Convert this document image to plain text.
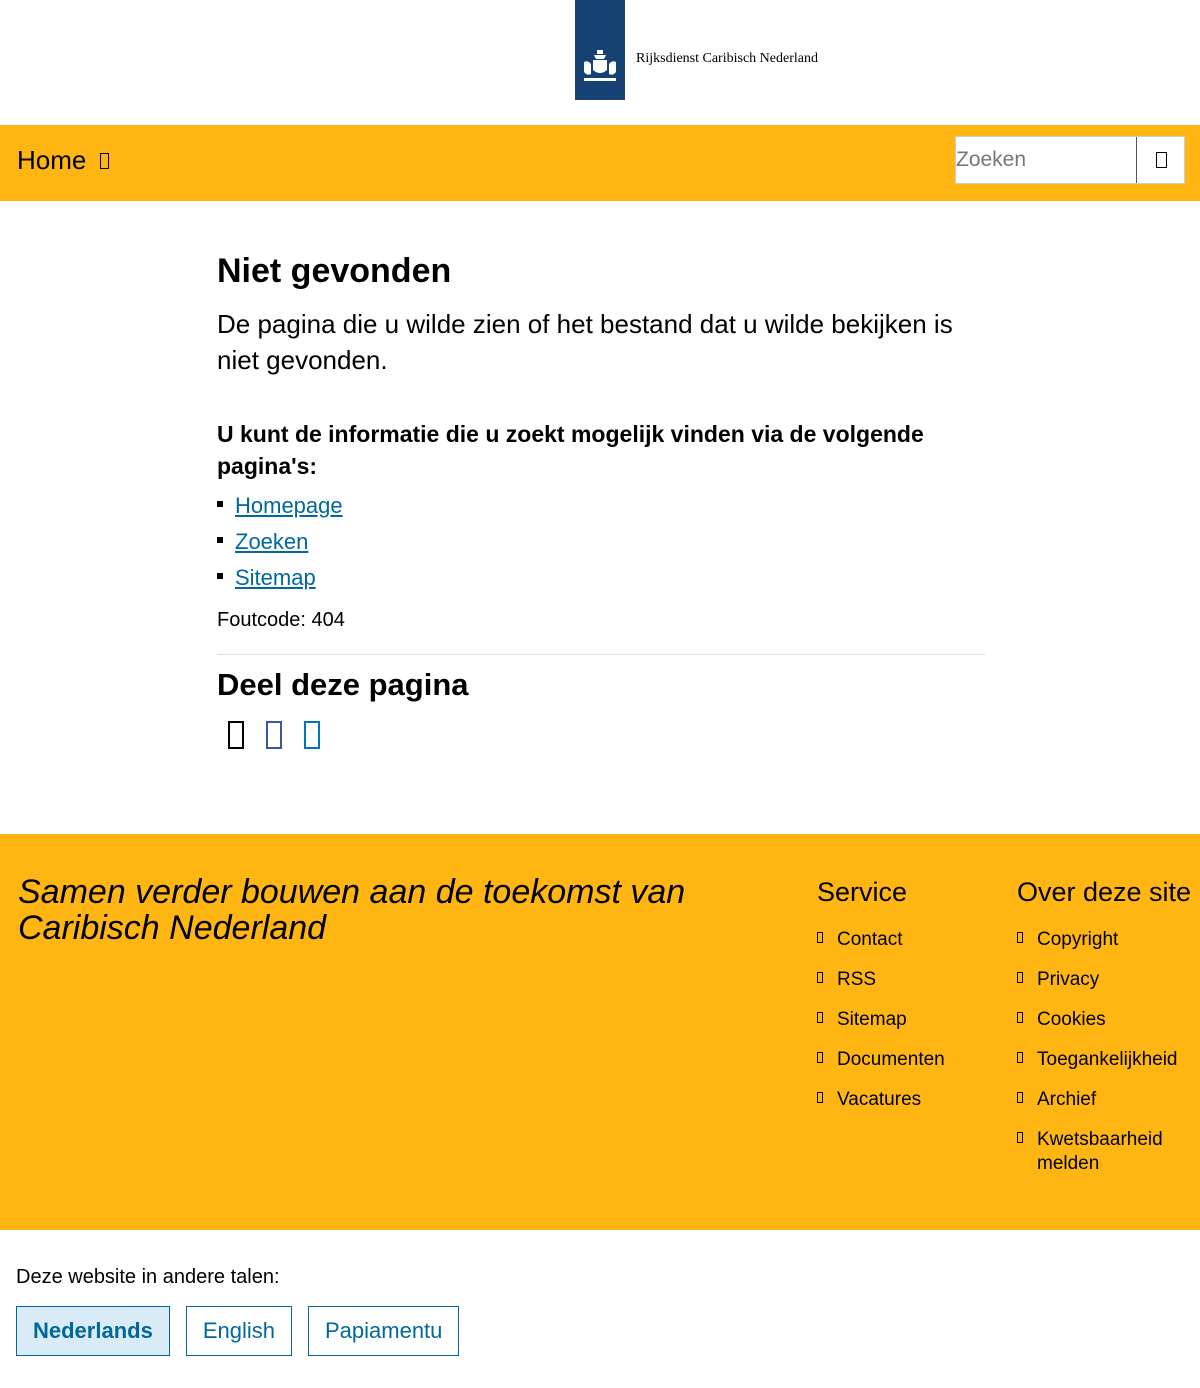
Rijksdienst Caribisch Nederland
Home
Zoeken
Niet gevonden

De pagina die u wilde zien of het bestand dat u wilde bekijken is niet gevonden.

U kunt de informatie die u zoekt mogelijk vinden via de volgende pagina's:
Homepage
Zoeken
Sitemap

Foutcode: 404

Deel deze pagina

Samen verder bouwen aan de toekomst van Caribisch Nederland

Service
Contact
RSS
Sitemap
Documenten
Vacatures
Over deze site
Copyright
Privacy
Cookies
Toegankelijkheid
Archief
Kwetsbaarheid melden

Deze website in andere talen:

Nederlands	English	Papiamentu
